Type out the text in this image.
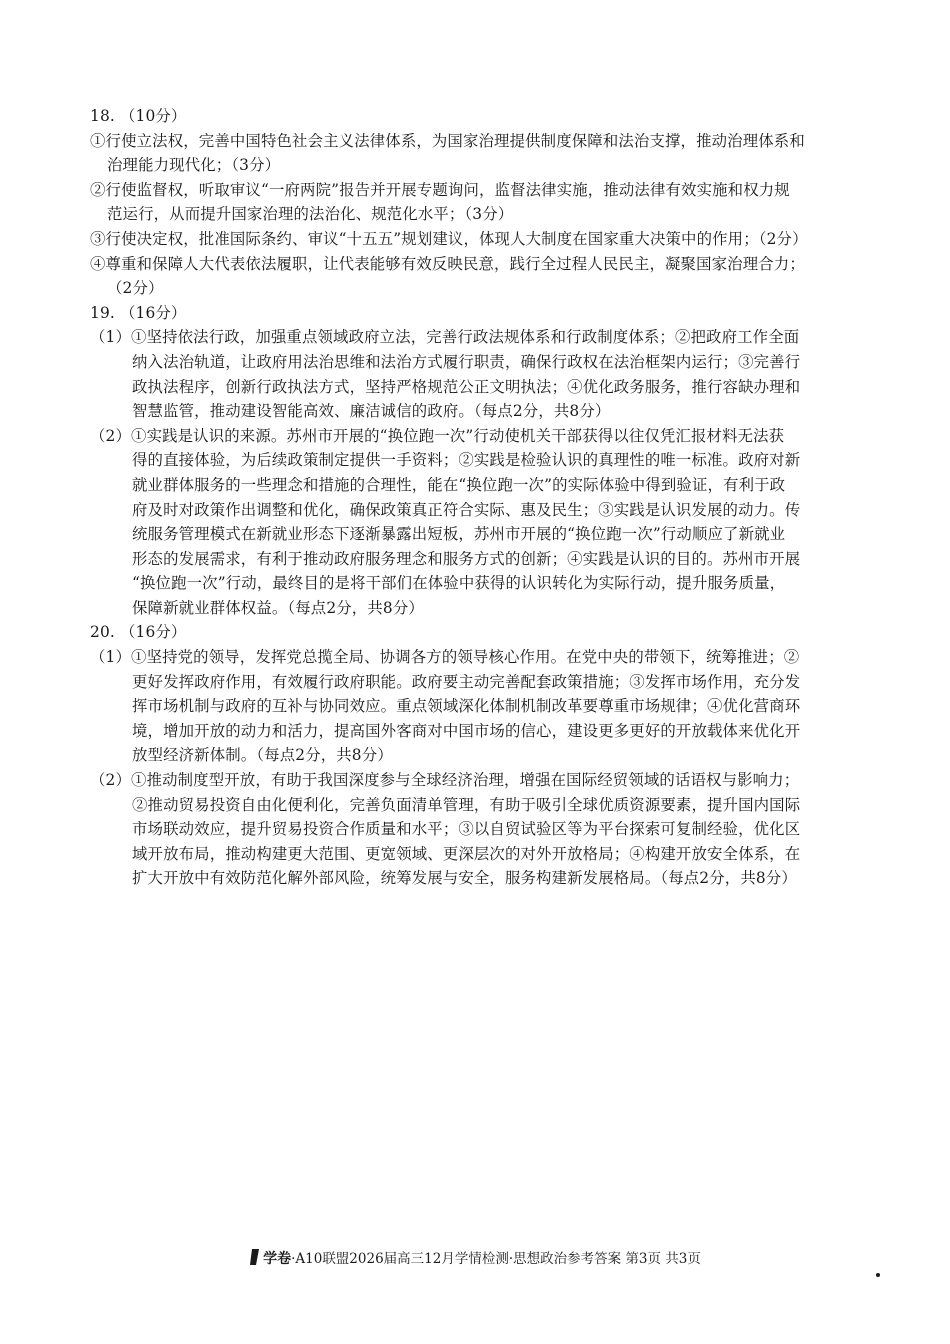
18. （10分）
①行使立法权，完善中国特色社会主义法律体系，为国家治理提供制度保障和法治支撑，推动治理体系和
治理能力现代化；（3分）
②行使监督权，听取审议“一府两院”报告并开展专题询问，监督法律实施，推动法律有效实施和权力规
范运行，从而提升国家治理的法治化、规范化水平；（3分）
③行使决定权，批准国际条约、审议“十五五”规划建议，体现人大制度在国家重大决策中的作用；（2分）
④尊重和保障人大代表依法履职，让代表能够有效反映民意，践行全过程人民民主，凝聚国家治理合力；
（2分）
19. （16分）
（1）①坚持依法行政，加强重点领域政府立法，完善行政法规体系和行政制度体系；②把政府工作全面
纳入法治轨道，让政府用法治思维和法治方式履行职责，确保行政权在法治框架内运行；③完善行
政执法程序，创新行政执法方式，坚持严格规范公正文明执法；④优化政务服务，推行容缺办理和
智慧监管，推动建设智能高效、廉洁诚信的政府。（每点2分，共8分）
（2）①实践是认识的来源。苏州市开展的“换位跑一次”行动使机关干部获得以往仅凭汇报材料无法获
得的直接体验，为后续政策制定提供一手资料；②实践是检验认识的真理性的唯一标准。政府对新
就业群体服务的一些理念和措施的合理性，能在“换位跑一次”的实际体验中得到验证，有利于政
府及时对政策作出调整和优化，确保政策真正符合实际、惠及民生；③实践是认识发展的动力。传
统服务管理模式在新就业形态下逐渐暴露出短板，苏州市开展的“换位跑一次”行动顺应了新就业
形态的发展需求，有利于推动政府服务理念和服务方式的创新；④实践是认识的目的。苏州市开展
“换位跑一次”行动，最终目的是将干部们在体验中获得的认识转化为实际行动，提升服务质量，
保障新就业群体权益。（每点2分，共8分）
20. （16分）
（1）①坚持党的领导，发挥党总揽全局、协调各方的领导核心作用。在党中央的带领下，统筹推进；②
更好发挥政府作用，有效履行政府职能。政府要主动完善配套政策措施；③发挥市场作用，充分发
挥市场机制与政府的互补与协同效应。重点领域深化体制机制改革要尊重市场规律；④优化营商环
境，增加开放的动力和活力，提高国外客商对中国市场的信心，建设更多更好的开放载体来优化开
放型经济新体制。（每点2分，共8分）
（2）①推动制度型开放，有助于我国深度参与全球经济治理，增强在国际经贸领域的话语权与影响力；
②推动贸易投资自由化便利化，完善负面清单管理，有助于吸引全球优质资源要素，提升国内国际
市场联动效应，提升贸易投资合作质量和水平；③以自贸试验区等为平台探索可复制经验，优化区
域开放布局，推动构建更大范围、更宽领域、更深层次的对外开放格局；④构建开放安全体系，在
扩大开放中有效防范化解外部风险，统筹发展与安全，服务构建新发展格局。（每点2分，共8分）
学卷·A10联盟2026届高三12月学情检测·思想政治参考答案 第3页 共3页
